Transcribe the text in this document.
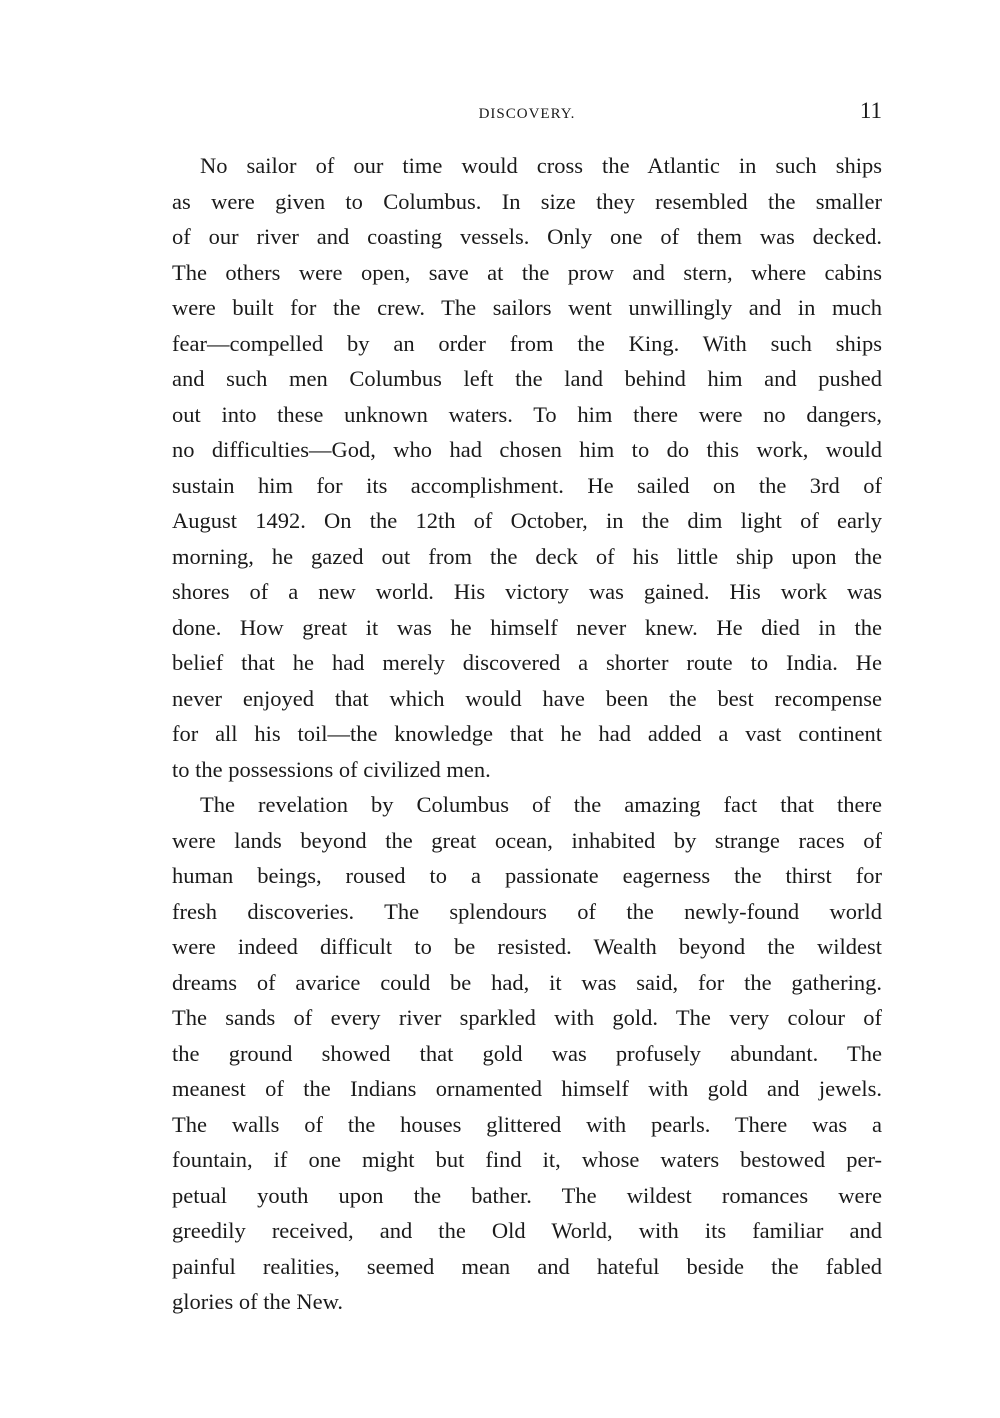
DISCOVERY.	11
No sailor of our time would cross the Atlantic in such ships
as were given to Columbus. In size they resembled the smaller
of our river and coasting vessels. Only one of them was decked.
The others were open, save at the prow and stern, where cabins
were built for the crew. The sailors went unwillingly and in much
fear—compelled by an order from the King. With such ships
and such men Columbus left the land behind him and pushed
out into these unknown waters. To him there were no dangers,
no difficulties—God, who had chosen him to do this work, would
sustain him for its accomplishment. He sailed on the 3rd of
August 1492. On the 12th of October, in the dim light of early
morning, he gazed out from the deck of his little ship upon the
shores of a new world. His victory was gained. His work was
done. How great it was he himself never knew. He died in the
belief that he had merely discovered a shorter route to India. He
never enjoyed that which would have been the best recompense
for all his toil—the knowledge that he had added a vast continent
to the possessions of civilized men.
The revelation by Columbus of the amazing fact that there
were lands beyond the great ocean, inhabited by strange races of
human beings, roused to a passionate eagerness the thirst for
fresh discoveries. The splendours of the newly-found world
were indeed difficult to be resisted. Wealth beyond the wildest
dreams of avarice could be had, it was said, for the gathering.
The sands of every river sparkled with gold. The very colour of
the ground showed that gold was profusely abundant. The
meanest of the Indians ornamented himself with gold and jewels.
The walls of the houses glittered with pearls. There was a
fountain, if one might but find it, whose waters bestowed per-
petual youth upon the bather. The wildest romances were
greedily received, and the Old World, with its familiar and
painful realities, seemed mean and hateful beside the fabled
glories of the New.
